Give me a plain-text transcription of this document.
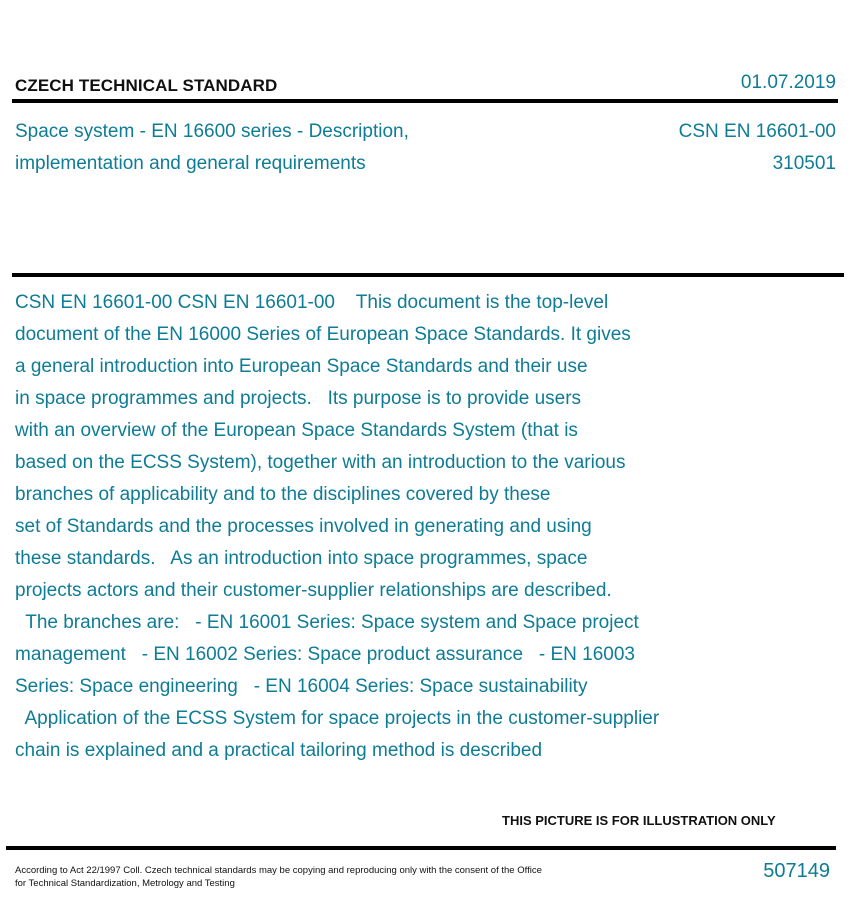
CZECH TECHNICAL STANDARD	01.07.2019
Space system - EN 16600 series - Description,
implementation and general requirements
CSN EN 16601-00
310501
CSN EN 16601-00 CSN EN 16601-00    This document is the top-level
document of the EN 16000 Series of European Space Standards. It gives
a general introduction into European Space Standards and their use
in space programmes and projects.   Its purpose is to provide users
with an overview of the European Space Standards System (that is
based on the ECSS System), together with an introduction to the various
branches of applicability and to the disciplines covered by these
set of Standards and the processes involved in generating and using
these standards.   As an introduction into space programmes, space
projects actors and their customer-supplier relationships are described.
The branches are:   - EN 16001 Series: Space system and Space project
management   - EN 16002 Series: Space product assurance   - EN 16003
Series: Space engineering   - EN 16004 Series: Space sustainability
Application of the ECSS System for space projects in the customer-supplier
chain is explained and a practical tailoring method is described
THIS PICTURE IS FOR ILLUSTRATION ONLY
According to Act 22/1997 Coll. Czech technical standards may be copying and reproducing only with the consent of the Office
for Technical Standardization, Metrology and Testing
507149
